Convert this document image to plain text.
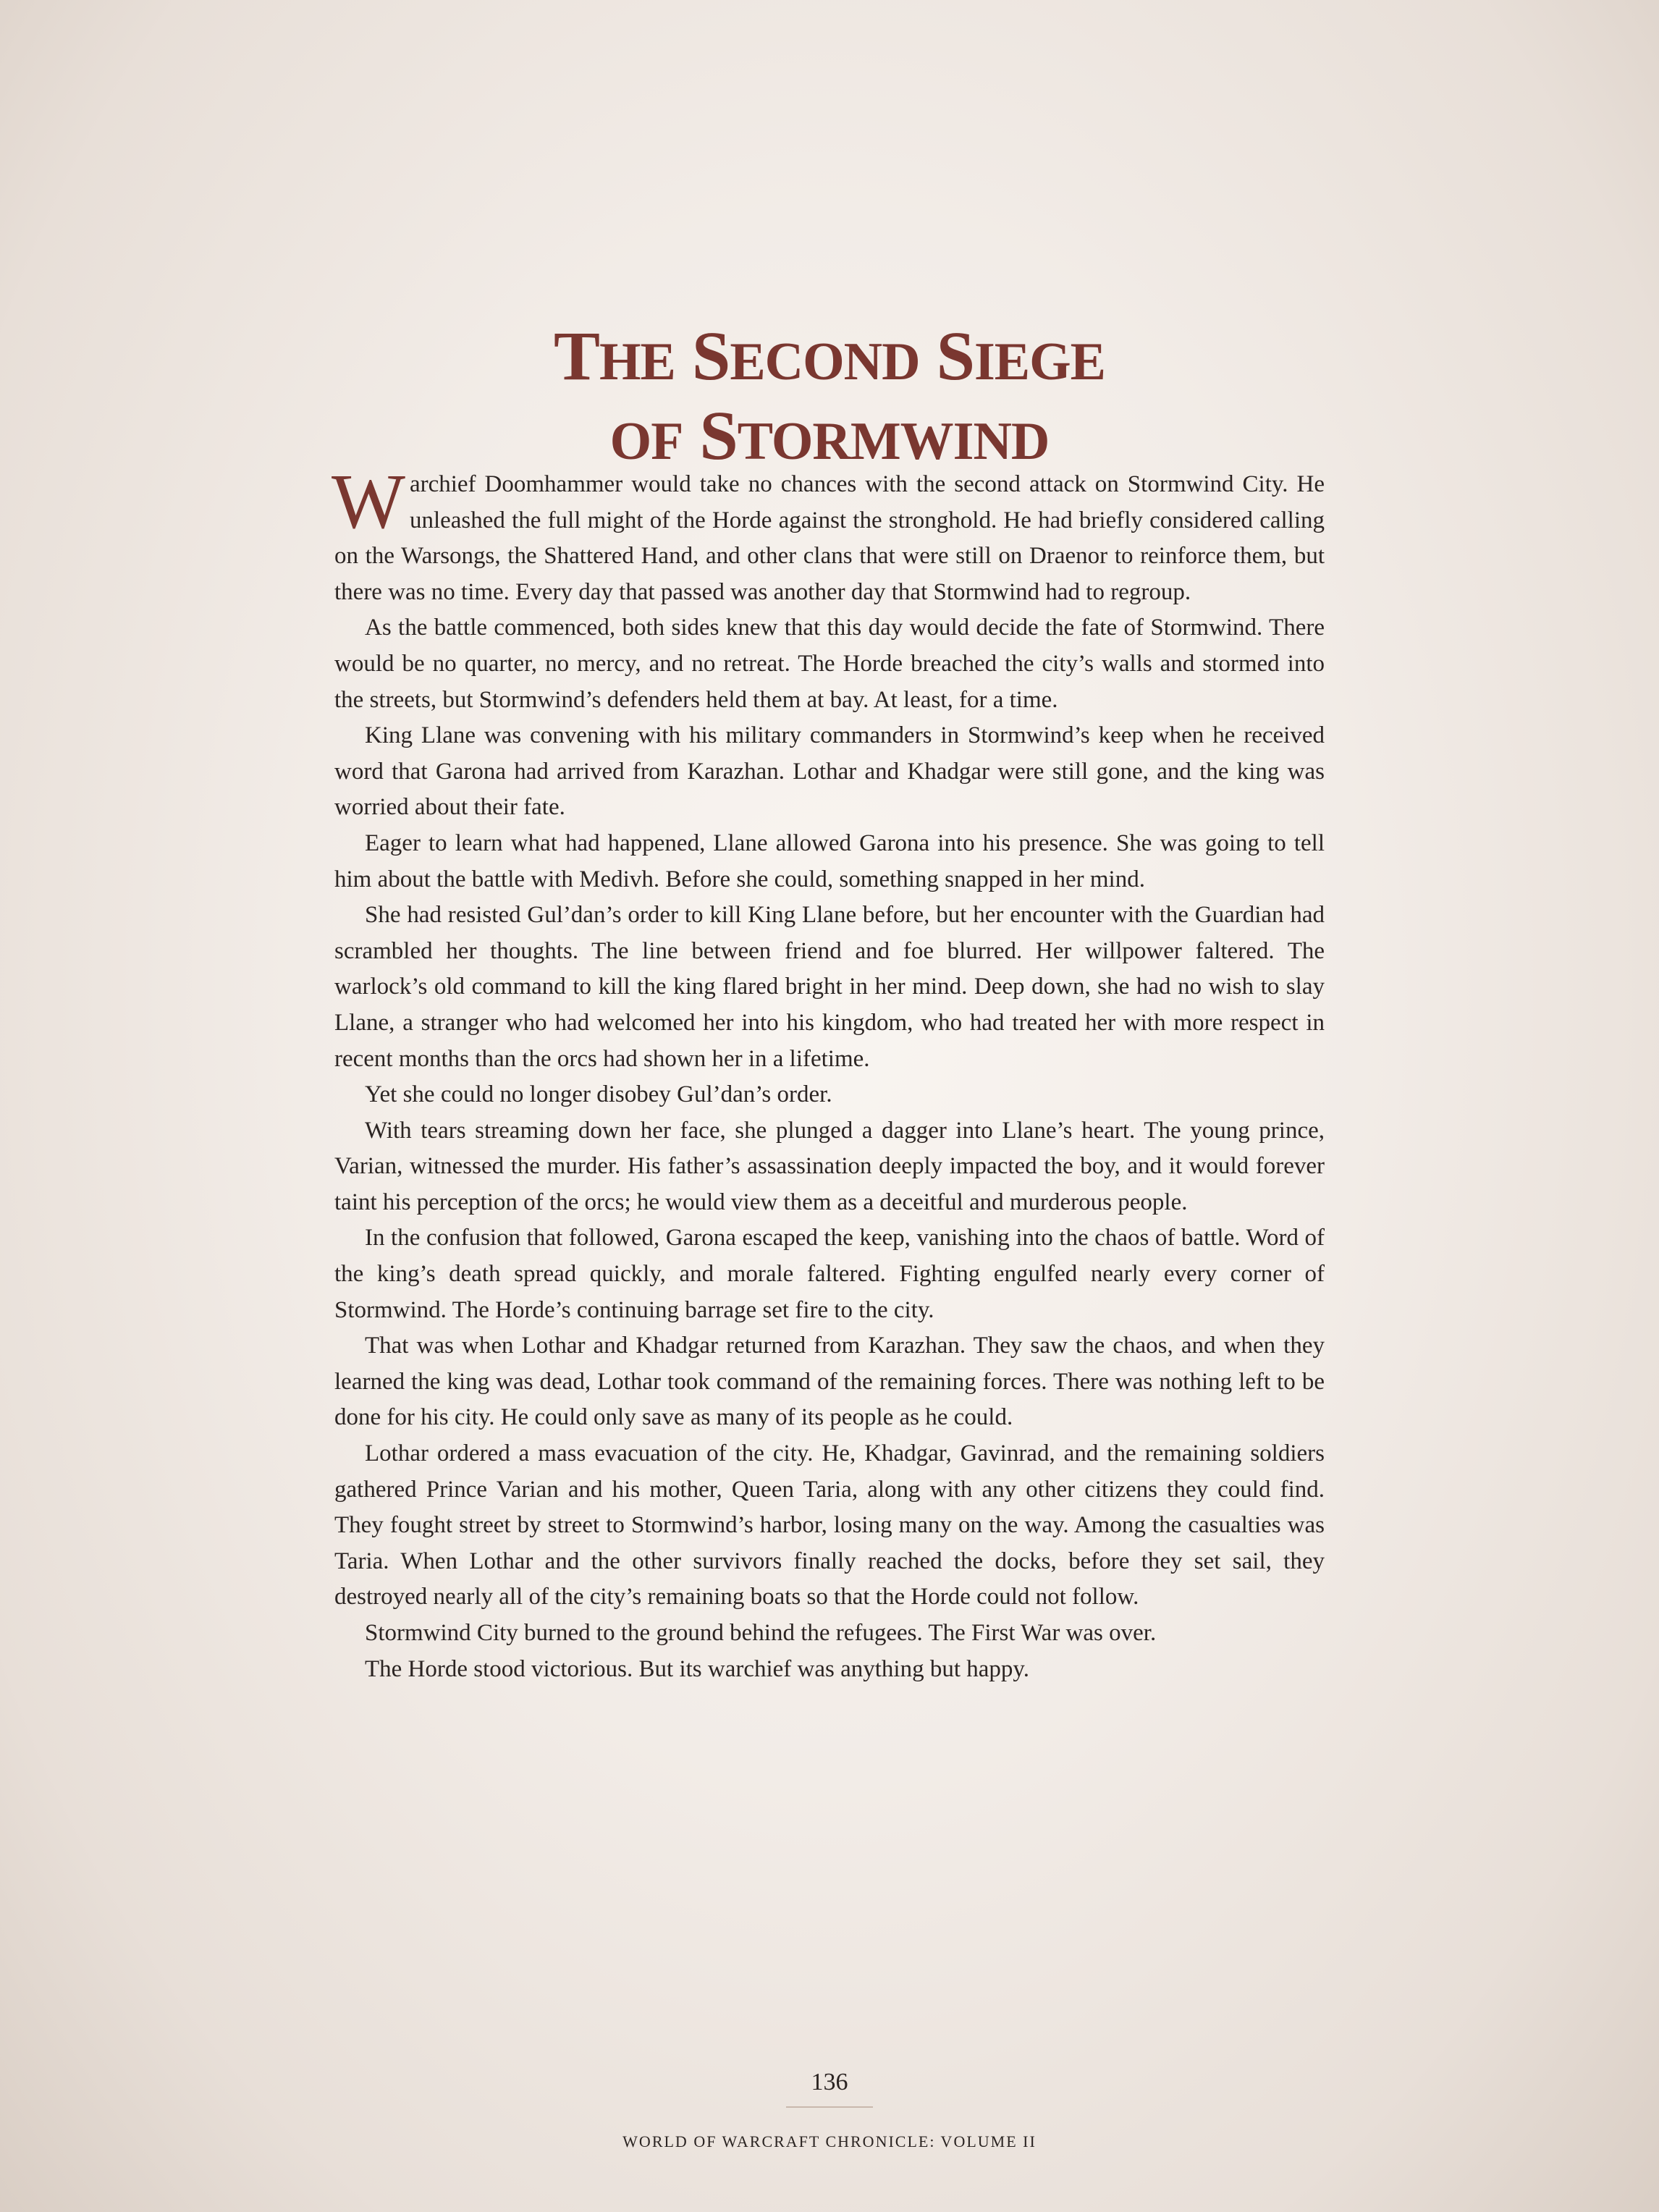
THE SECOND SIEGE
OF STORMWIND

Warchief Doomhammer would take no chances with the second attack on Stormwind City. He unleashed the full might of the Horde against the stronghold. He had briefly considered calling on the Warsongs, the Shattered Hand, and other clans that were still on Draenor to reinforce them, but there was no time. Every day that passed was another day that Stormwind had to regroup.

As the battle commenced, both sides knew that this day would decide the fate of Stormwind. There would be no quarter, no mercy, and no retreat. The Horde breached the city’s walls and stormed into the streets, but Stormwind’s defenders held them at bay. At least, for a time.

King Llane was convening with his military commanders in Stormwind’s keep when he received word that Garona had arrived from Karazhan. Lothar and Khadgar were still gone, and the king was worried about their fate.

Eager to learn what had happened, Llane allowed Garona into his presence. She was going to tell him about the battle with Medivh. Before she could, something snapped in her mind.

She had resisted Gul’dan’s order to kill King Llane before, but her encounter with the Guardian had scrambled her thoughts. The line between friend and foe blurred. Her willpower faltered. The warlock’s old command to kill the king flared bright in her mind. Deep down, she had no wish to slay Llane, a stranger who had welcomed her into his kingdom, who had treated her with more respect in recent months than the orcs had shown her in a lifetime.

Yet she could no longer disobey Gul’dan’s order.

With tears streaming down her face, she plunged a dagger into Llane’s heart. The young prince, Varian, witnessed the murder. His father’s assassination deeply impacted the boy, and it would forever taint his perception of the orcs; he would view them as a deceitful and murderous people.

In the confusion that followed, Garona escaped the keep, vanishing into the chaos of battle. Word of the king’s death spread quickly, and morale faltered. Fighting engulfed nearly every corner of Stormwind. The Horde’s continuing barrage set fire to the city.

That was when Lothar and Khadgar returned from Karazhan. They saw the chaos, and when they learned the king was dead, Lothar took command of the remaining forces. There was nothing left to be done for his city. He could only save as many of its people as he could.

Lothar ordered a mass evacuation of the city. He, Khadgar, Gavinrad, and the remaining soldiers gathered Prince Varian and his mother, Queen Taria, along with any other citizens they could find. They fought street by street to Stormwind’s harbor, losing many on the way. Among the casualties was Taria. When Lothar and the other survivors finally reached the docks, before they set sail, they destroyed nearly all of the city’s remaining boats so that the Horde could not follow.

Stormwind City burned to the ground behind the refugees. The First War was over.

The Horde stood victorious. But its warchief was anything but happy.

136
WORLD OF WARCRAFT CHRONICLE: VOLUME II
